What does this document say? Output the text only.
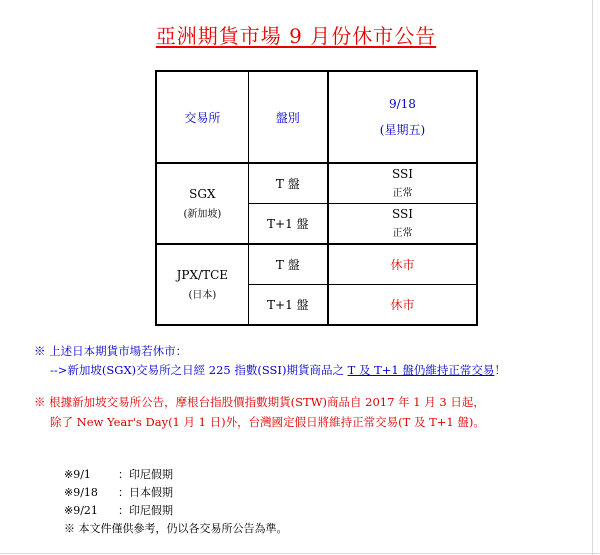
亞洲期貨市場 9 月份休市公告
交易所	盤別	9/18
(星期五)

SGX
(新加坡)	T 盤	SSI
正常
	T+1 盤	SSI
正常
JPX/TCE
(日本)	T 盤	休市
	T+1 盤	休市
※ 上述日本期貨市場若休市：
-->新加坡(SGX)交易所之日經 225 指數(SSI)期貨商品之 T 及 T+1 盤仍維持正常交易！
※ 根據新加坡交易所公告，摩根台指股價指數期貨(STW)商品自 2017 年 1 月 3 日起，
除了 New Year's Day(1 月 1 日)外，台灣國定假日將維持正常交易(T 及 T+1 盤)。
※9/1	：印尼假期
※9/18	：日本假期
※9/21	：印尼假期
※ 本文件僅供參考，仍以各交易所公告為準。
